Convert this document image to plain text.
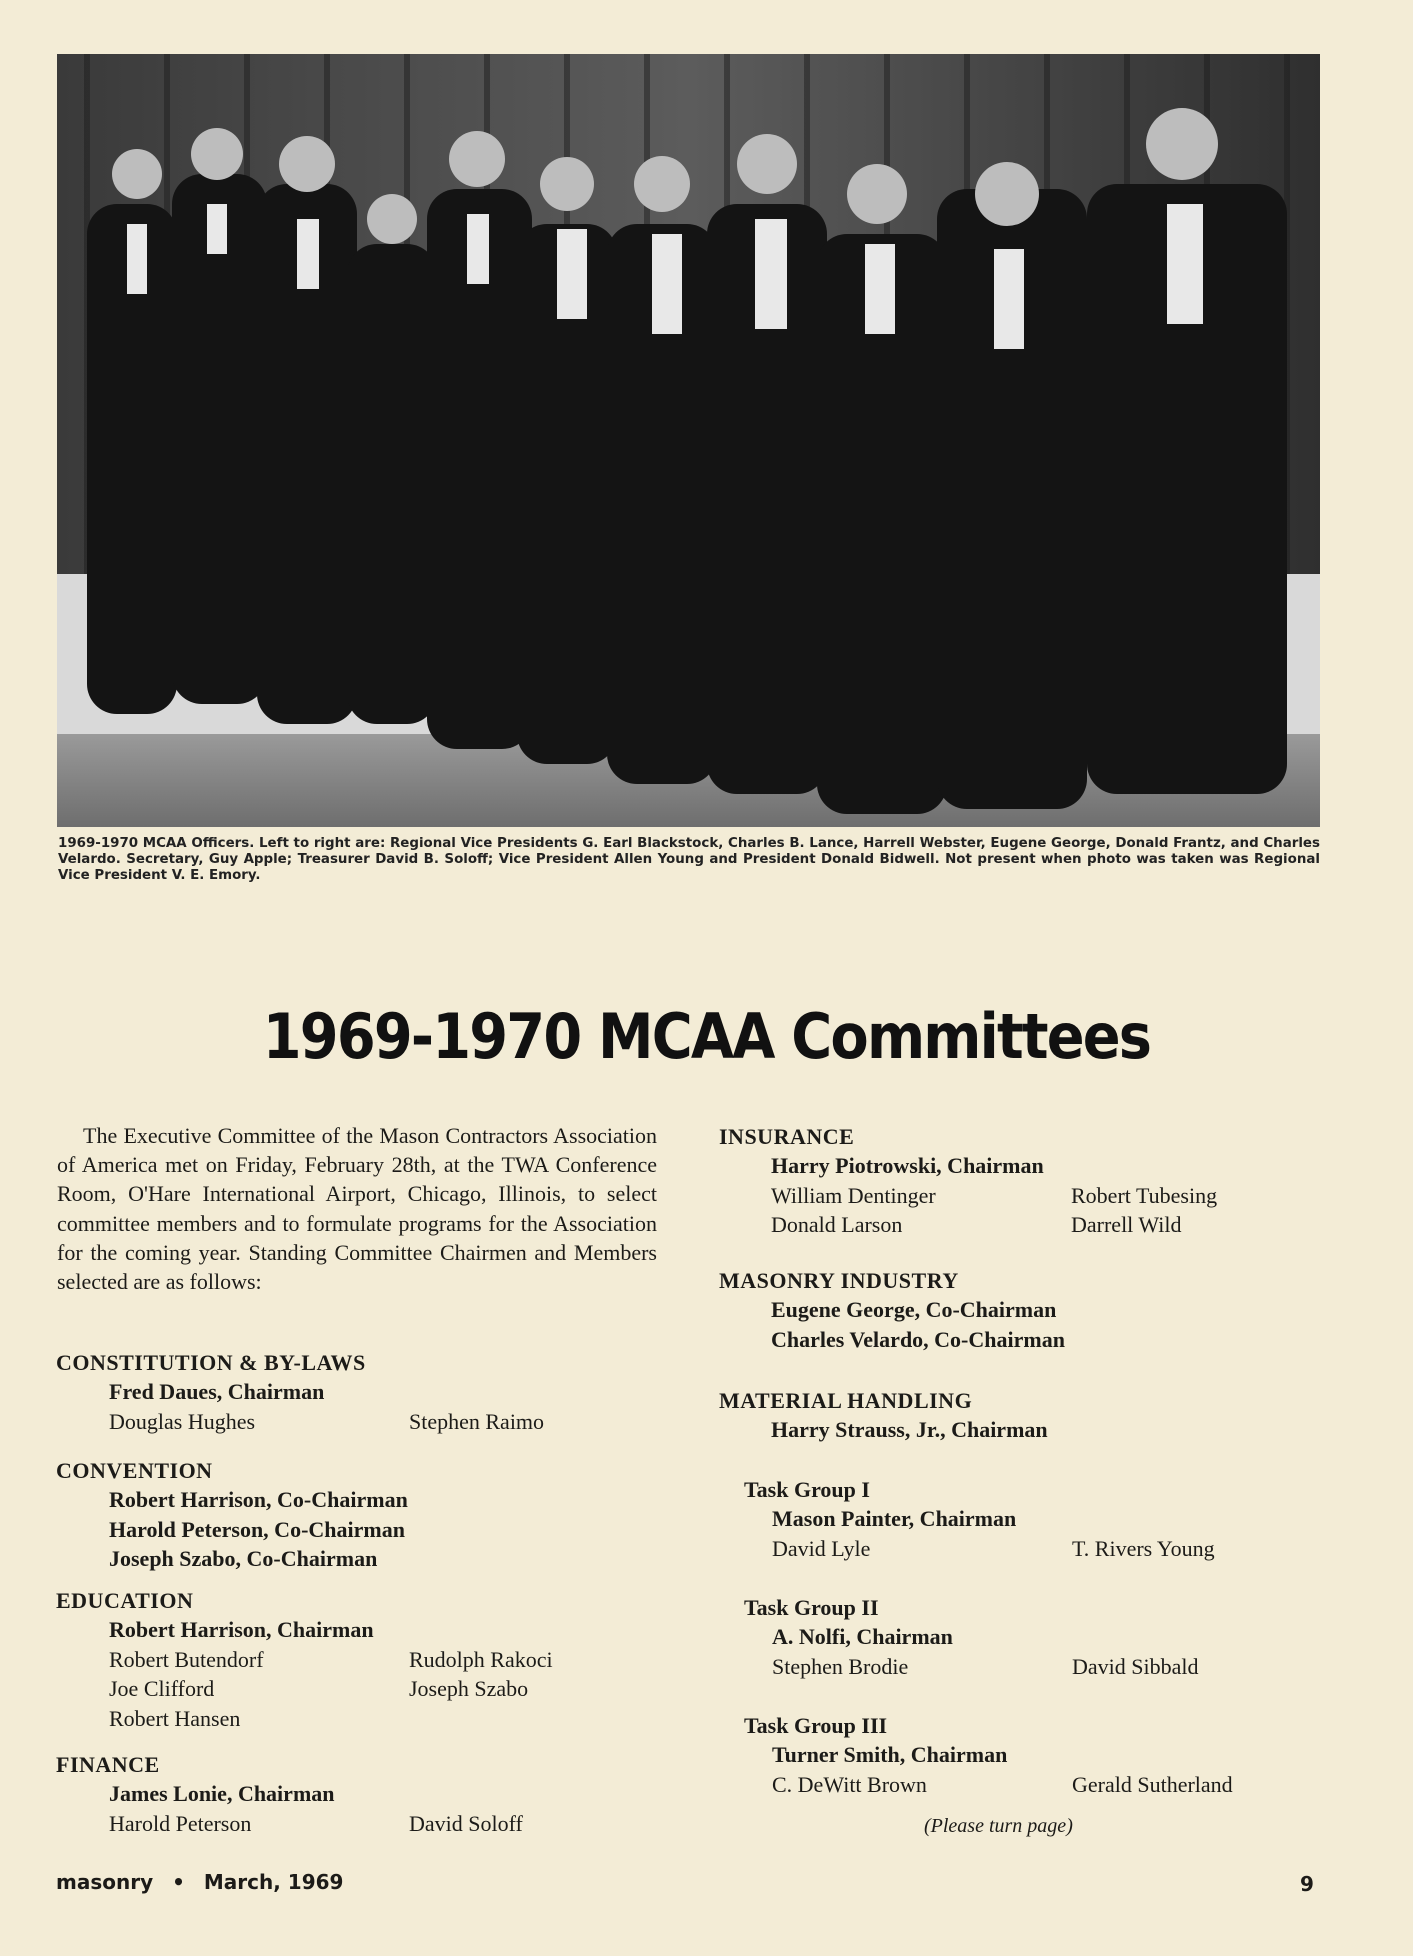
1969-1970 MCAA Officers. Left to right are: Regional Vice Presidents G. Earl Blackstock, Charles B. Lance, Harrell Webster, Eugene George, Donald Frantz, and Charles Velardo. Secretary, Guy Apple; Treasurer David B. Soloff; Vice President Allen Young and President Donald Bidwell. Not present when photo was taken was Regional Vice President V. E. Emory.
1969-1970 MCAA Committees
The Executive Committee of the Mason Contractors Association of America met on Friday, February 28th, at the TWA Conference Room, O'Hare International Airport, Chicago, Illinois, to select committee members and to formulate programs for the Association for the coming year. Standing Committee Chairmen and Members selected are as follows:
CONSTITUTION & BY-LAWS
Fred Daues, Chairman
Douglas Hughes	Stephen Raimo
CONVENTION
Robert Harrison, Co-Chairman
Harold Peterson, Co-Chairman
Joseph Szabo, Co-Chairman
EDUCATION
Robert Harrison, Chairman
Robert Butendorf	Rudolph Rakoci
Joe Clifford	Joseph Szabo
Robert Hansen
FINANCE
James Lonie, Chairman
Harold Peterson	David Soloff
INSURANCE
Harry Piotrowski, Chairman
William Dentinger	Robert Tubesing
Donald Larson	Darrell Wild
MASONRY INDUSTRY
Eugene George, Co-Chairman
Charles Velardo, Co-Chairman
MATERIAL HANDLING
Harry Strauss, Jr., Chairman
Task Group I
Mason Painter, Chairman
David Lyle	T. Rivers Young
Task Group II
A. Nolfi, Chairman
Stephen Brodie	David Sibbald
Task Group III
Turner Smith, Chairman
C. DeWitt Brown	Gerald Sutherland
(Please turn page)
masonry • March, 1969	9
